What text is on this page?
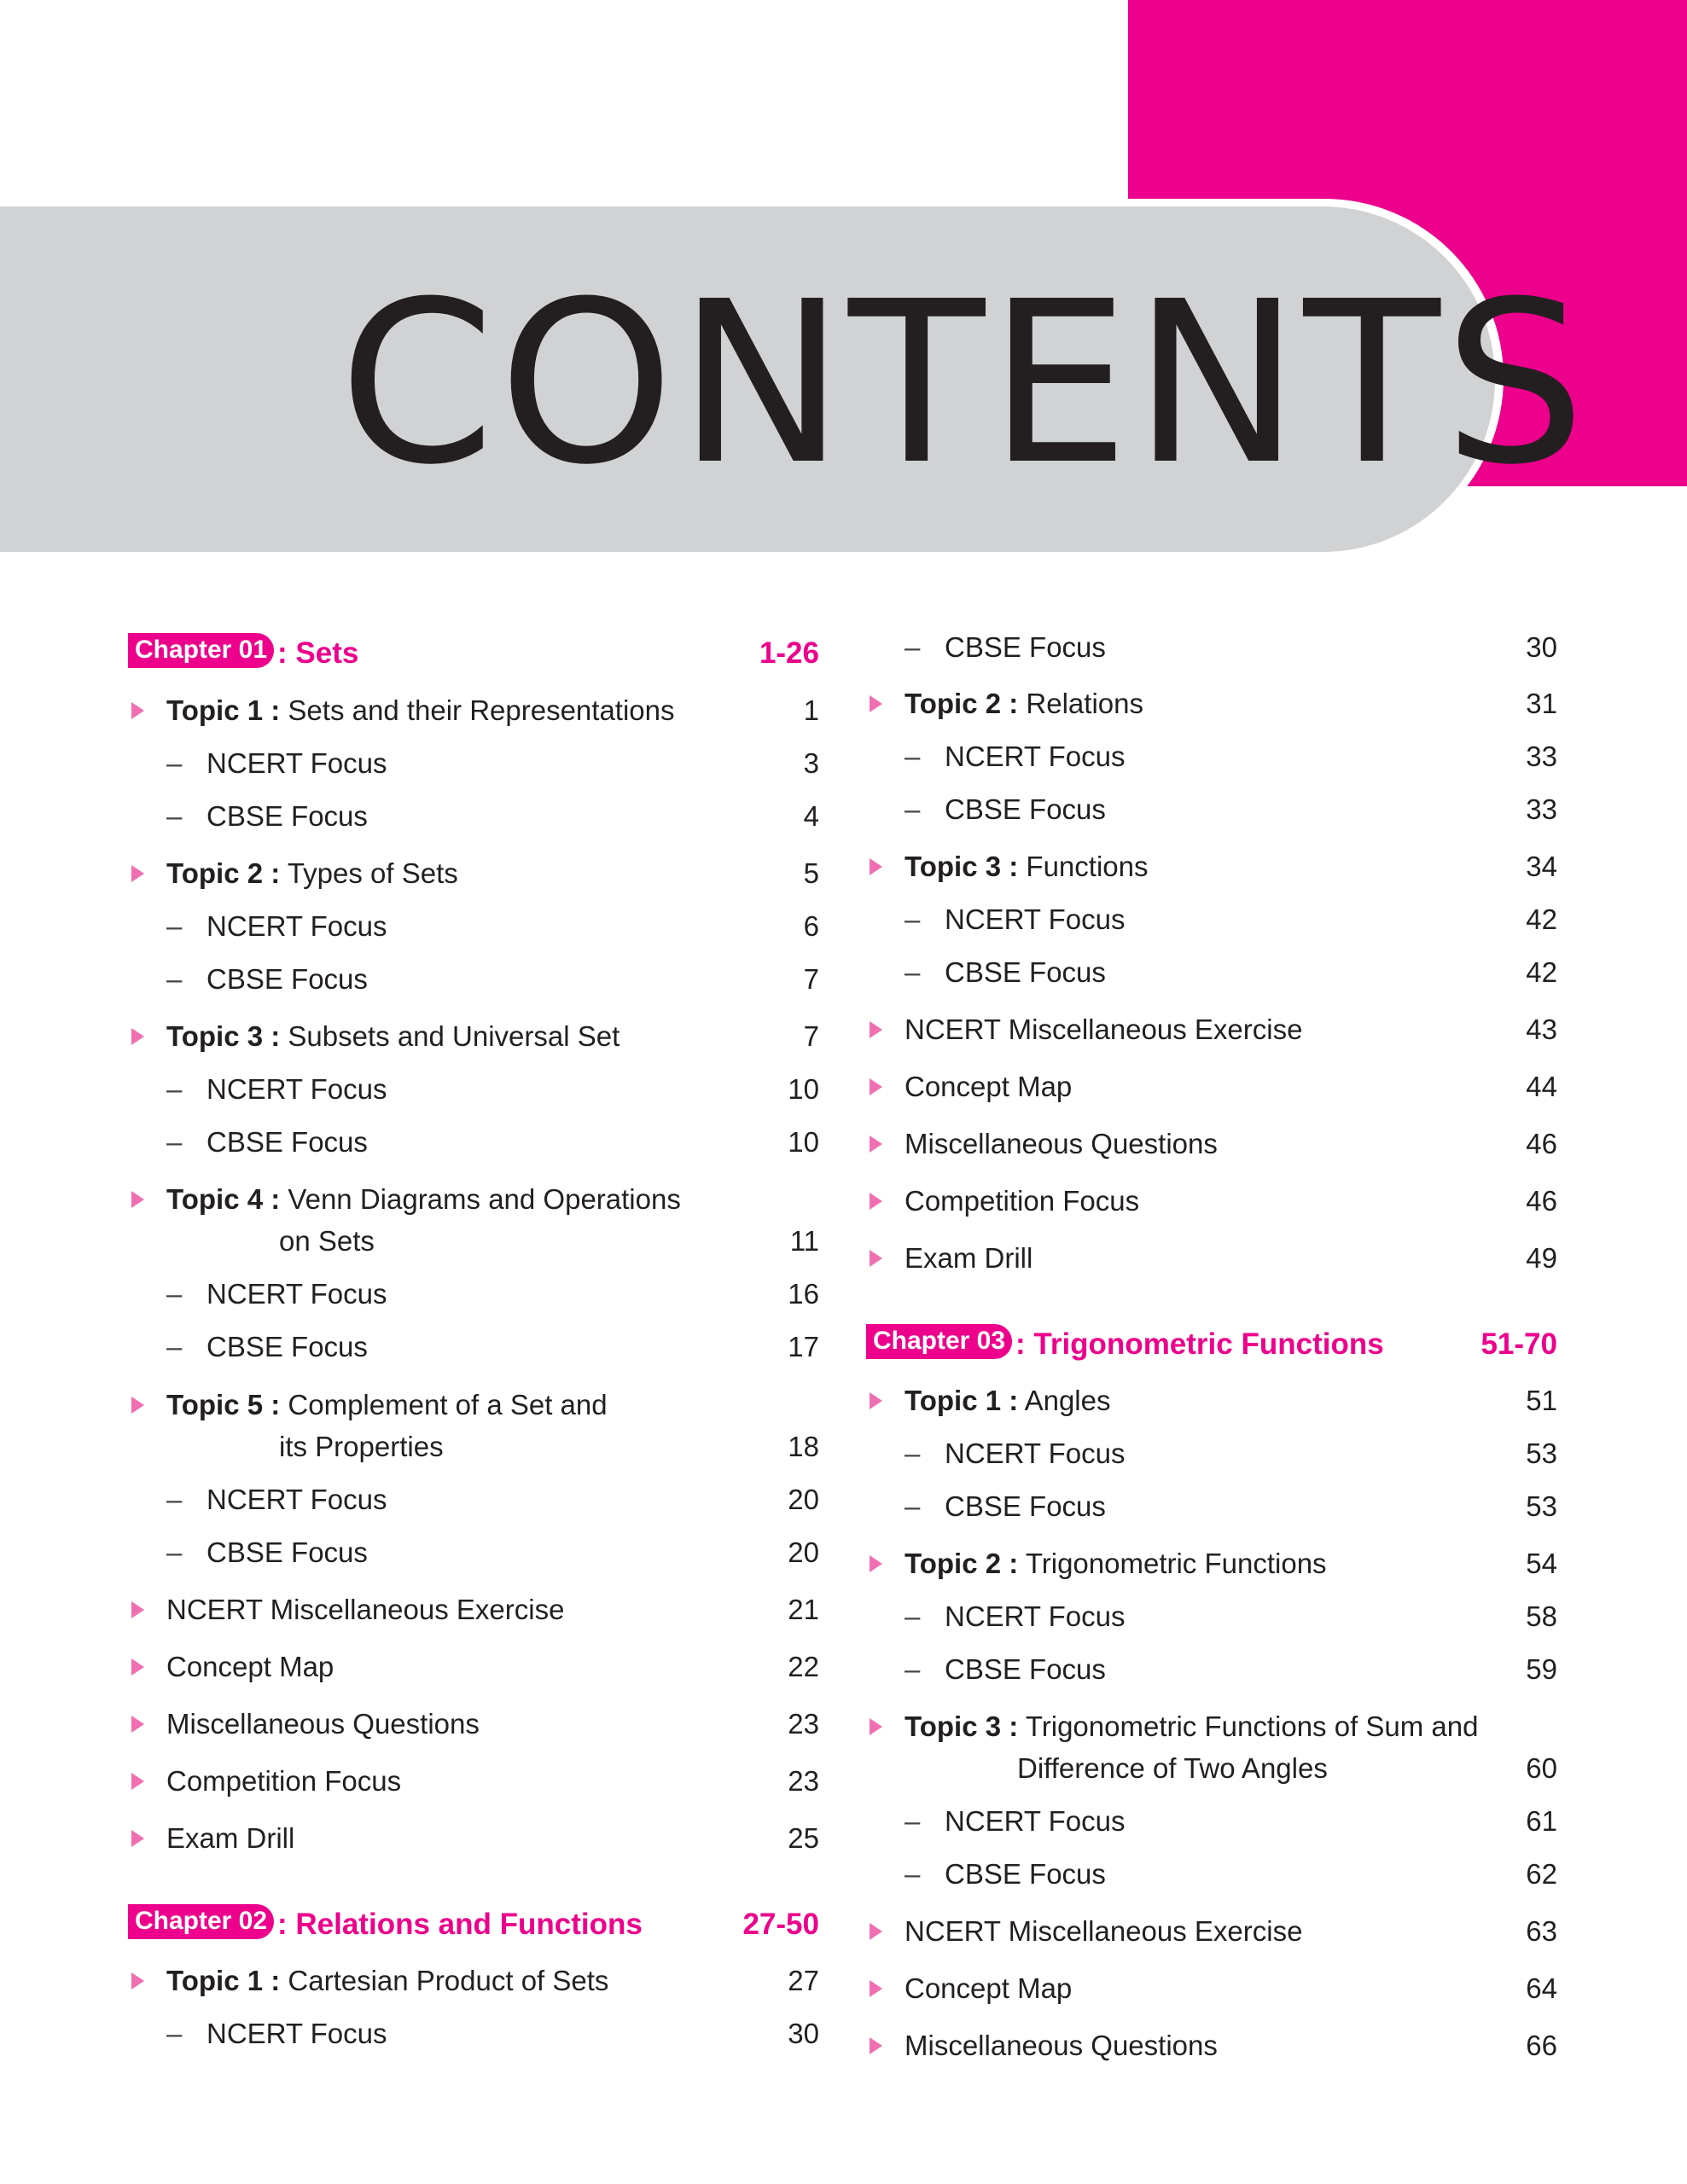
CONTENTS
Chapter 01 : Sets	1-26
Topic 1 : Sets and their Representations	1
– NCERT Focus	3
– CBSE Focus	4
Topic 2 : Types of Sets	5
– NCERT Focus	6
– CBSE Focus	7
Topic 3 : Subsets and Universal Set	7
– NCERT Focus	10
– CBSE Focus	10
Topic 4 : Venn Diagrams and Operations
on Sets	11
– NCERT Focus	16
– CBSE Focus	17
Topic 5 : Complement of a Set and
its Properties	18
– NCERT Focus	20
– CBSE Focus	20
NCERT Miscellaneous Exercise	21
Concept Map	22
Miscellaneous Questions	23
Competition Focus	23
Exam Drill	25
Chapter 02 : Relations and Functions	27-50
Topic 1 : Cartesian Product of Sets	27
– NCERT Focus	30
– CBSE Focus	30
Topic 2 : Relations	31
– NCERT Focus	33
– CBSE Focus	33
Topic 3 : Functions	34
– NCERT Focus	42
– CBSE Focus	42
NCERT Miscellaneous Exercise	43
Concept Map	44
Miscellaneous Questions	46
Competition Focus	46
Exam Drill	49
Chapter 03 : Trigonometric Functions	51-70
Topic 1 : Angles	51
– NCERT Focus	53
– CBSE Focus	53
Topic 2 : Trigonometric Functions	54
– NCERT Focus	58
– CBSE Focus	59
Topic 3 : Trigonometric Functions of Sum and
Difference of Two Angles	60
– NCERT Focus	61
– CBSE Focus	62
NCERT Miscellaneous Exercise	63
Concept Map	64
Miscellaneous Questions	66
